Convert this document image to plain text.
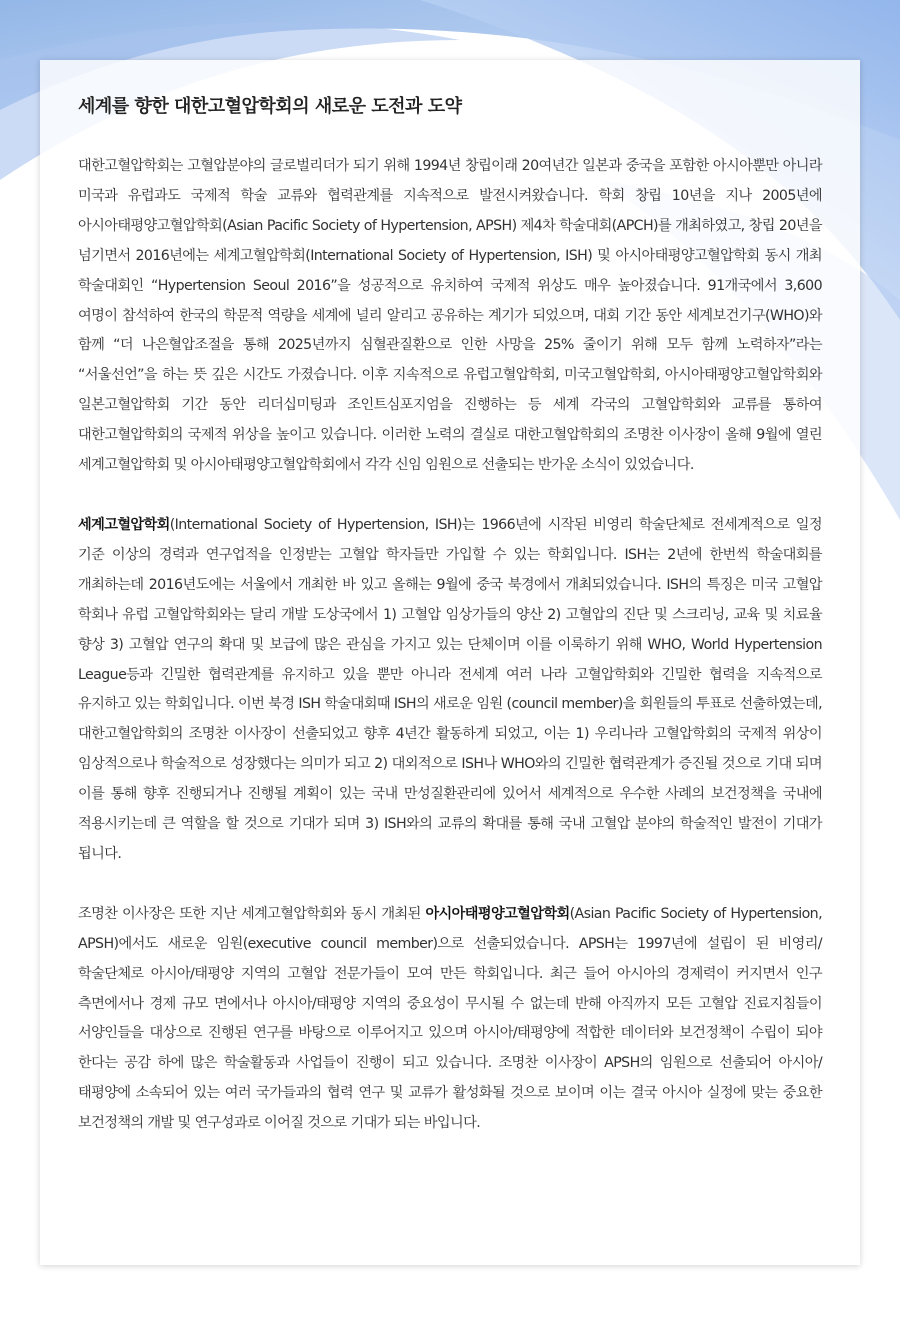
세계를 향한 대한고혈압학회의 새로운 도전과 도약

대한고혈압학회는 고혈압분야의 글로벌리더가 되기 위해 1994년 창립이래 20여년간 일본과 중국을 포함한 아시아뿐만 아니라 미국과 유럽과도 국제적 학술 교류와 협력관계를 지속적으로 발전시켜왔습니다. 학회 창립 10년을 지나 2005년에 아시아태평양고혈압학회(Asian Pacific Society of Hypertension, APSH) 제4차 학술대회(APCH)를 개최하였고, 창립 20년을 넘기면서 2016년에는 세계고혈압학회(International Society of Hypertension, ISH) 및 아시아태평양고혈압학회 동시 개최 학술대회인 “Hypertension Seoul 2016”을 성공적으로 유치하여 국제적 위상도 매우 높아졌습니다. 91개국에서 3,600 여명이 참석하여 한국의 학문적 역량을 세계에 널리 알리고 공유하는 계기가 되었으며, 대회 기간 동안 세계보건기구(WHO)와 함께 “더 나은혈압조절을 통해 2025년까지 심혈관질환으로 인한 사망을 25% 줄이기 위해 모두 함께 노력하자”라는 “서울선언”을 하는 뜻 깊은 시간도 가졌습니다. 이후 지속적으로 유럽고혈압학회, 미국고혈압학회, 아시아태평양고혈압학회와 일본고혈압학회 기간 동안 리더십미팅과 조인트심포지엄을 진행하는 등 세계 각국의 고혈압학회와 교류를 통하여 대한고혈압학회의 국제적 위상을 높이고 있습니다. 이러한 노력의 결실로 대한고혈압학회의 조명찬 이사장이 올해 9월에 열린 세계고혈압학회 및 아시아태평양고혈압학회에서 각각 신임 임원으로 선출되는 반가운 소식이 있었습니다.

세계고혈압학회(International Society of Hypertension, ISH)는 1966년에 시작된 비영리 학술단체로 전세계적으로 일정 기준 이상의 경력과 연구업적을 인정받는 고혈압 학자들만 가입할 수 있는 학회입니다. ISH는 2년에 한번씩 학술대회를 개최하는데 2016년도에는 서울에서 개최한 바 있고 올해는 9월에 중국 북경에서 개최되었습니다. ISH의 특징은 미국 고혈압 학회나 유럽 고혈압학회와는 달리 개발 도상국에서 1) 고혈압 임상가들의 양산 2) 고혈압의 진단 및 스크리닝, 교육 및 치료율 향상 3) 고혈압 연구의 확대 및 보급에 많은 관심을 가지고 있는 단체이며 이를 이룩하기 위해 WHO, World Hypertension League등과 긴밀한 협력관계를 유지하고 있을 뿐만 아니라 전세계 여러 나라 고혈압학회와 긴밀한 협력을 지속적으로 유지하고 있는 학회입니다. 이번 북경 ISH 학술대회때 ISH의 새로운 임원 (council member)을 회원들의 투표로 선출하였는데, 대한고혈압학회의 조명찬 이사장이 선출되었고 향후 4년간 활동하게 되었고, 이는 1) 우리나라 고혈압학회의 국제적 위상이 임상적으로나 학술적으로 성장했다는 의미가 되고 2) 대외적으로 ISH나 WHO와의 긴밀한 협력관계가 증진될 것으로 기대 되며 이를 통해 향후 진행되거나 진행될 계획이 있는 국내 만성질환관리에 있어서 세계적으로 우수한 사례의 보건정책을 국내에 적용시키는데 큰 역할을 할 것으로 기대가 되며 3) ISH와의 교류의 확대를 통해 국내 고혈압 분야의 학술적인 발전이 기대가 됩니다.

조명찬 이사장은 또한 지난 세계고혈압학회와 동시 개최된 아시아태평양고혈압학회(Asian Pacific Society of Hypertension, APSH)에서도 새로운 임원(executive council member)으로 선출되었습니다. APSH는 1997년에 설립이 된 비영리/학술단체로 아시아/태평양 지역의 고혈압 전문가들이 모여 만든 학회입니다. 최근 들어 아시아의 경제력이 커지면서 인구 측면에서나 경제 규모 면에서나 아시아/태평양 지역의 중요성이 무시될 수 없는데 반해 아직까지 모든 고혈압 진료지침들이 서양인들을 대상으로 진행된 연구를 바탕으로 이루어지고 있으며 아시아/태평양에 적합한 데이터와 보건정책이 수립이 되야 한다는 공감 하에 많은 학술활동과 사업들이 진행이 되고 있습니다. 조명찬 이사장이 APSH의 임원으로 선출되어 아시아/태평양에 소속되어 있는 여러 국가들과의 협력 연구 및 교류가 활성화될 것으로 보이며 이는 결국 아시아 실정에 맞는 중요한 보건정책의 개발 및 연구성과로 이어질 것으로 기대가 되는 바입니다.
